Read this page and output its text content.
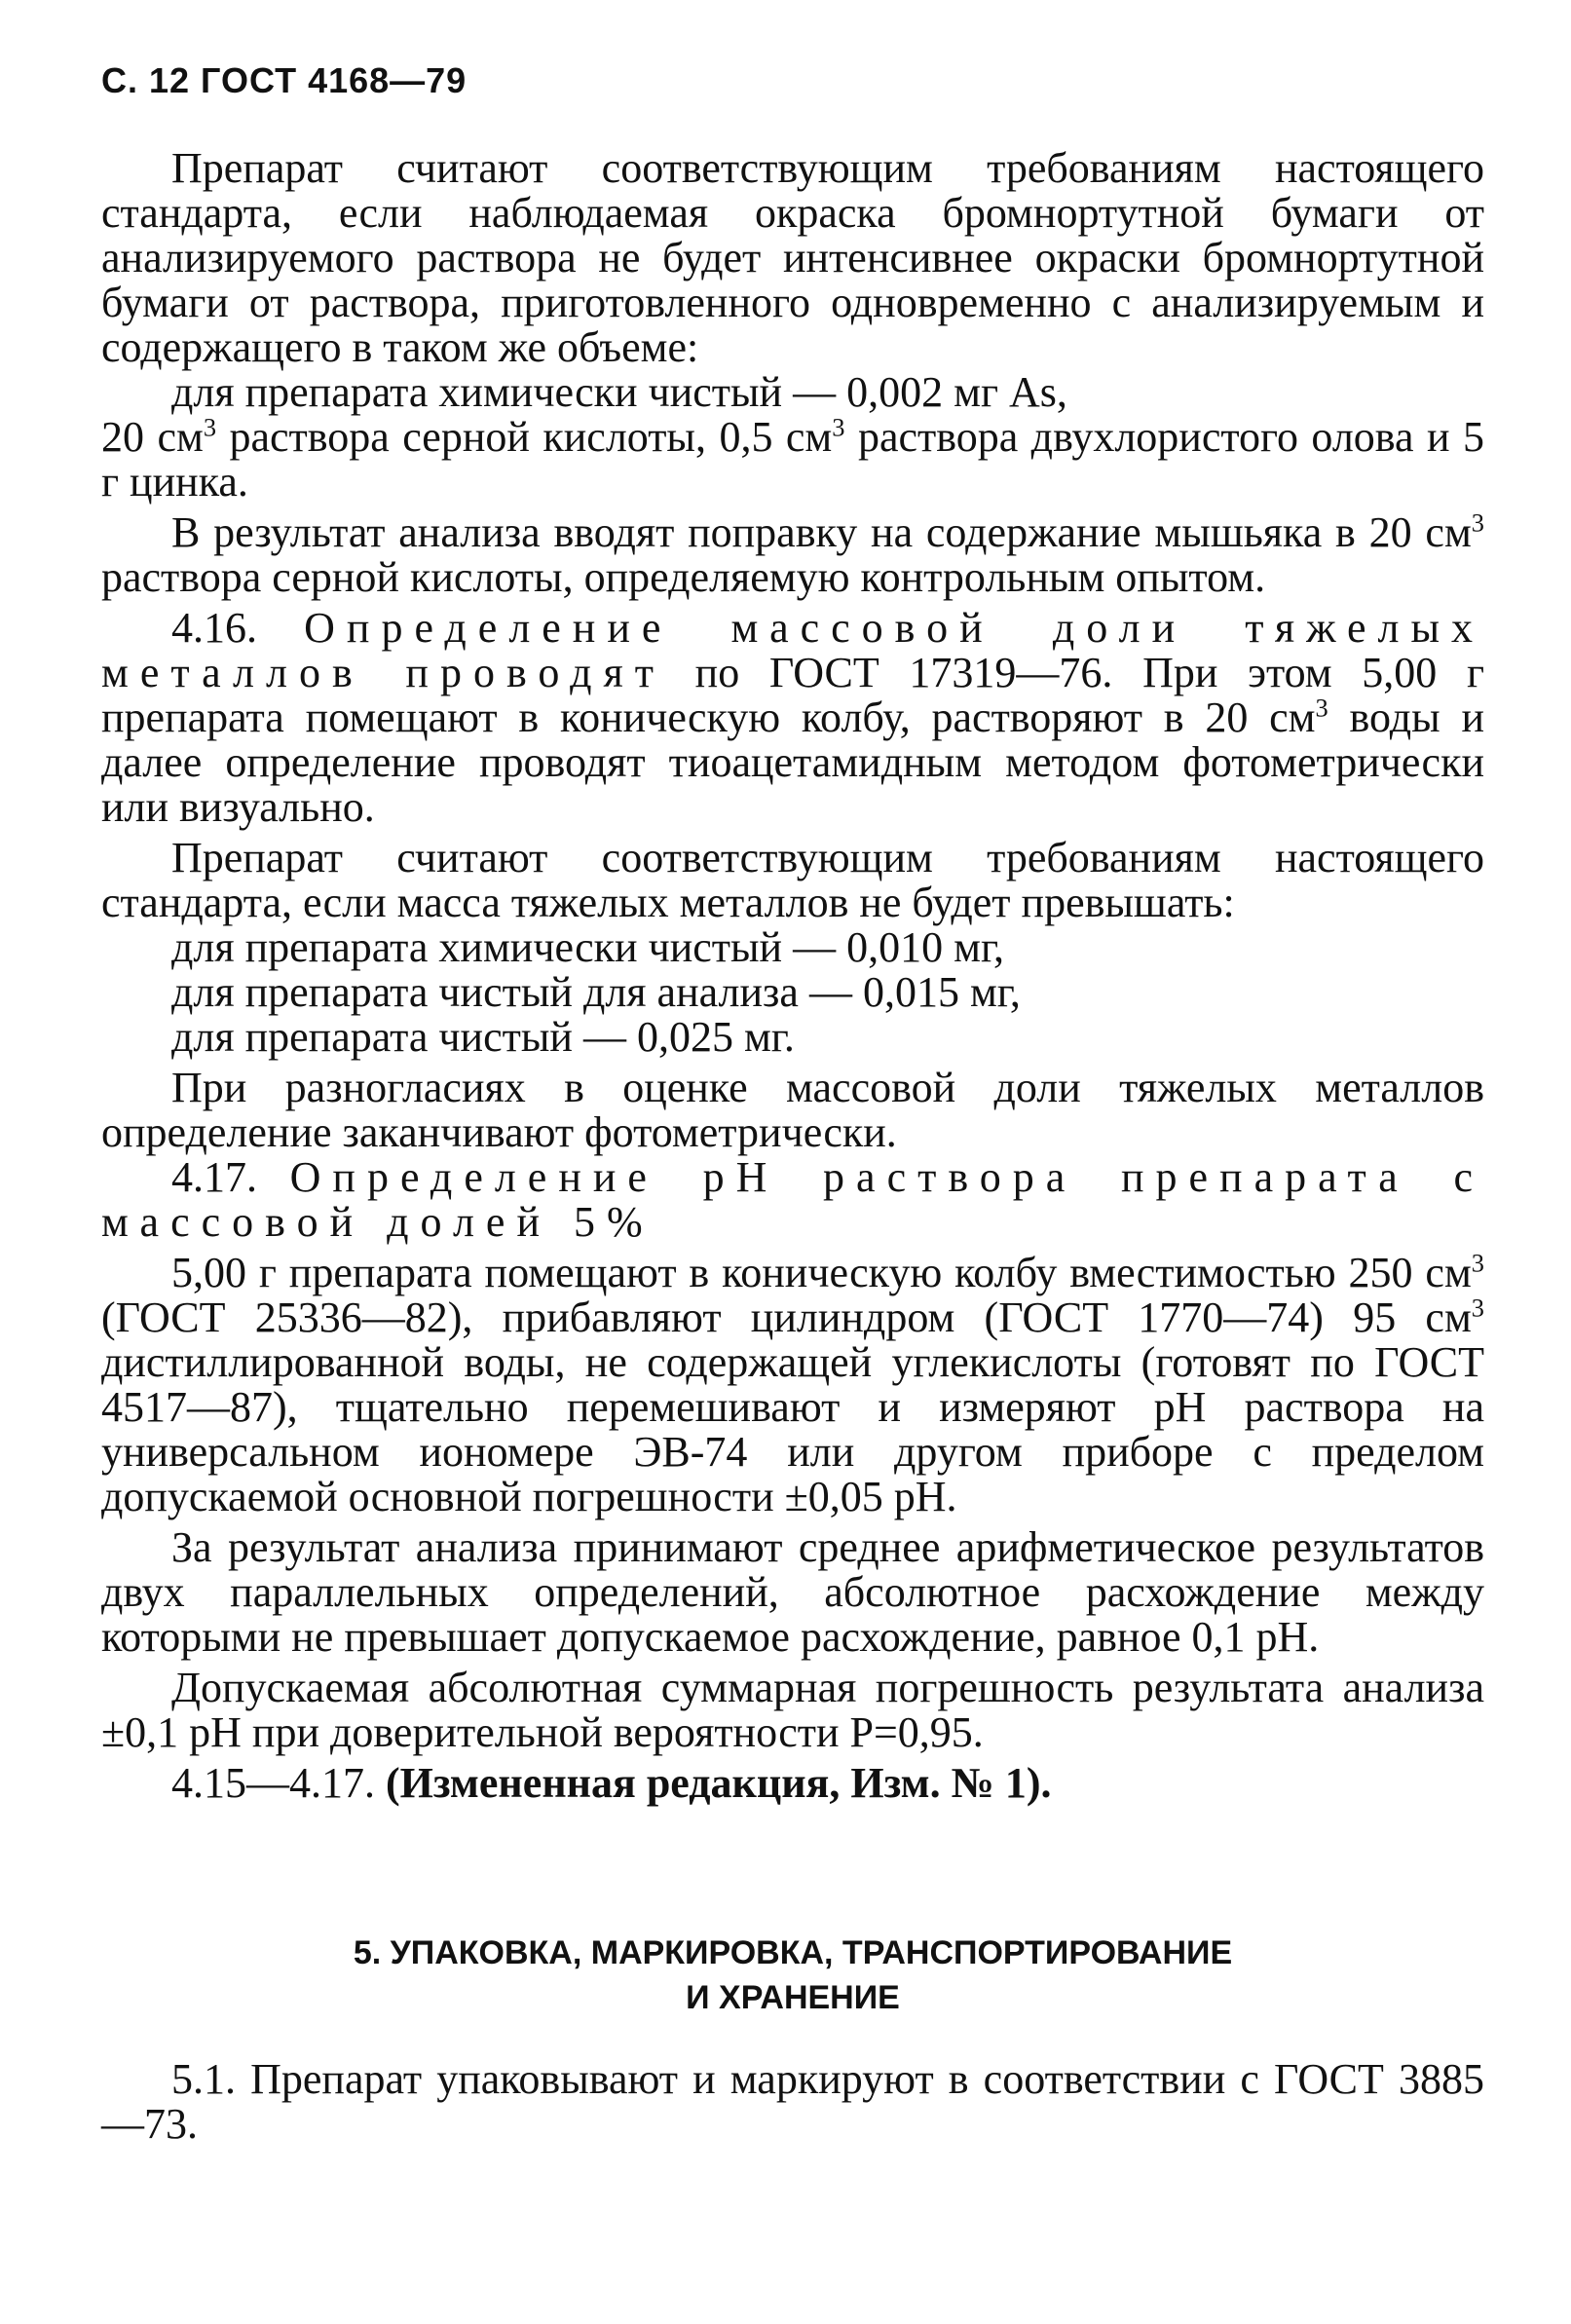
С. 12 ГОСТ 4168—79

Препарат считают соответствующим требованиям настоящего стандарта, если наблюдаемая окраска бромнортутной бумаги от анализируемого раствора не будет интенсивнее окраски бромнортутной бумаги от раствора, приготовленного одновременно с анализируемым и содержащего в таком же объеме:

для препарата химически чистый — 0,002 мг As,

20 $см^3$ раствора серной кислоты, 0,5 $см^3$ раствора двухлористого олова и 5 г цинка.

В результат анализа вводят поправку на содержание мышьяка в 20 $см^3$ раствора серной кислоты, определяемую контрольным опытом.

4.16. Определение массовой доли тяжелых металлов проводят по ГОСТ 17319—76. При этом 5,00 г препарата помещают в коническую колбу, растворяют в 20 $см^3$ воды и далее определение проводят тиоацетамидным методом фотометрически или визуально.

Препарат считают соответствующим требованиям настоящего стандарта, если масса тяжелых металлов не будет превышать:

для препарата химически чистый — 0,010 мг,

для препарата чистый для анализа — 0,015 мг,

для препарата чистый — 0,025 мг.

При разногласиях в оценке массовой доли тяжелых металлов определение заканчивают фотометрически.

4.17. Определение pH раствора препарата с массовой долей 5%

5,00 г препарата помещают в коническую колбу вместимостью 250 $см^3$ (ГОСТ 25336—82), прибавляют цилиндром (ГОСТ 1770—74) 95 $см^3$ дистиллированной воды, не содержащей углекислоты (готовят по ГОСТ 4517—87), тщательно перемешивают и измеряют pH раствора на универсальном иономере ЭВ-74 или другом приборе с пределом допускаемой основной погрешности ±0,05 pH.

За результат анализа принимают среднее арифметическое результатов двух параллельных определений, абсолютное расхождение между которыми не превышает допускаемое расхождение, равное 0,1 pH.

Допускаемая абсолютная суммарная погрешность результата анализа ±0,1 pH при доверительной вероятности P=0,95.

4.15—4.17. (Измененная редакция, Изм. № 1).

5. УПАКОВКА, МАРКИРОВКА, ТРАНСПОРТИРОВАНИЕ
И ХРАНЕНИЕ

5.1. Препарат упаковывают и маркируют в соответствии с ГОСТ 3885—73.
